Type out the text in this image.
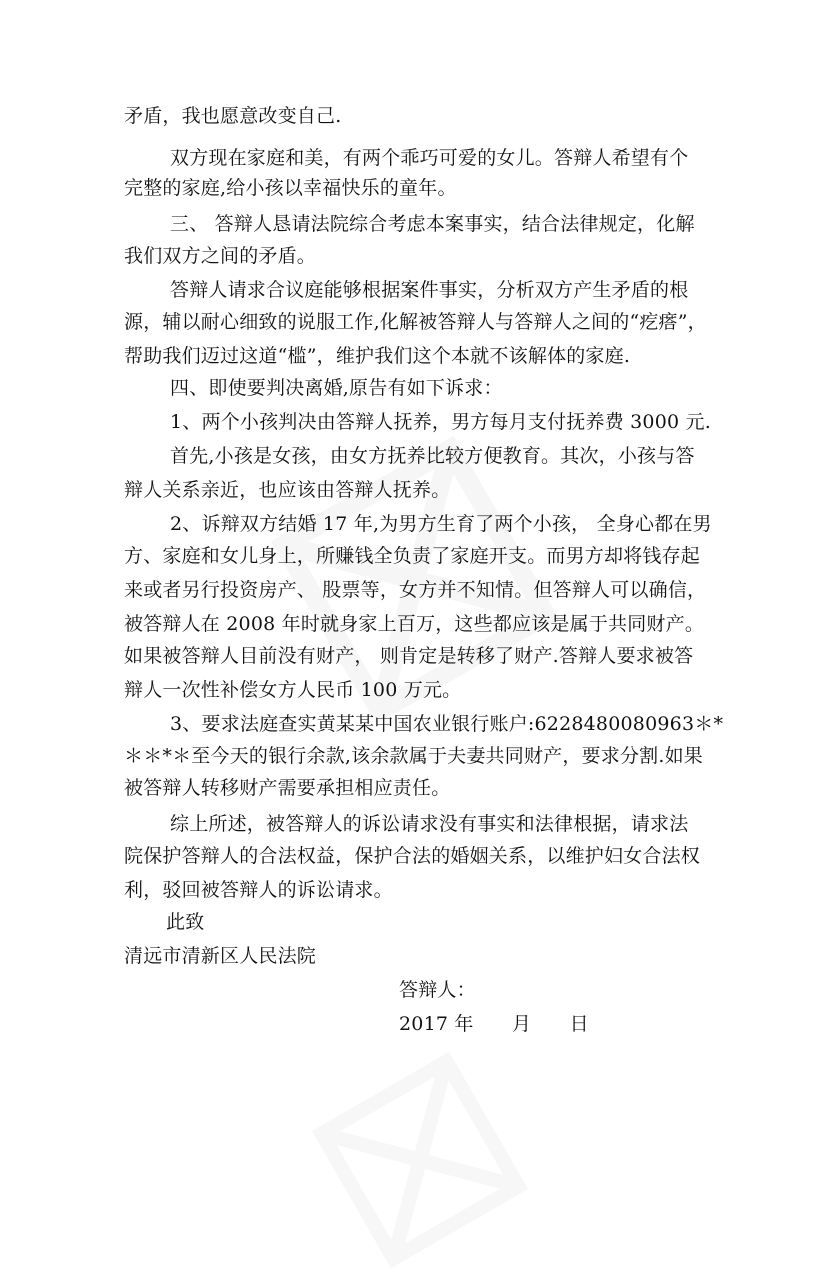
矛盾，我也愿意改变自己.
双方现在家庭和美，有两个乖巧可爱的女儿。答辩人希望有个
完整的家庭,给小孩以幸福快乐的童年。
三、 答辩人恳请法院综合考虑本案事实，结合法律规定，化解
我们双方之间的矛盾。
答辩人请求合议庭能够根据案件事实，分析双方产生矛盾的根
源，辅以耐心细致的说服工作,化解被答辩人与答辩人之间的“疙瘩”，
帮助我们迈过这道“槛”，维护我们这个本就不该解体的家庭.
四、即使要判决离婚,原告有如下诉求：
1、两个小孩判决由答辩人抚养，男方每月支付抚养费 3000 元.
首先,小孩是女孩，由女方抚养比较方便教育。其次，小孩与答
辩人关系亲近，也应该由答辩人抚养。
2、诉辩双方结婚 17 年,为男方生育了两个小孩， 全身心都在男
方、家庭和女儿身上，所赚钱全负责了家庭开支。而男方却将钱存起
来或者另行投资房产、 股票等，女方并不知情。但答辩人可以确信，
被答辩人在 2008 年时就身家上百万，这些都应该是属于共同财产。
如果被答辩人目前没有财产， 则肯定是转移了财产.答辩人要求被答
辩人一次性补偿女方人民币 100 万元。
3、要求法庭查实黄某某中国农业银行账户:6228480080963＊*
＊＊*＊至今天的银行余款,该余款属于夫妻共同财产，要求分割.如果
被答辩人转移财产需要承担相应责任。
综上所述，被答辩人的诉讼请求没有事实和法律根据，请求法
院保护答辩人的合法权益，保护合法的婚姻关系，以维护妇女合法权
利，驳回被答辩人的诉讼请求。
此致
清远市清新区人民法院
答辩人：
2017 年　　月　　日
